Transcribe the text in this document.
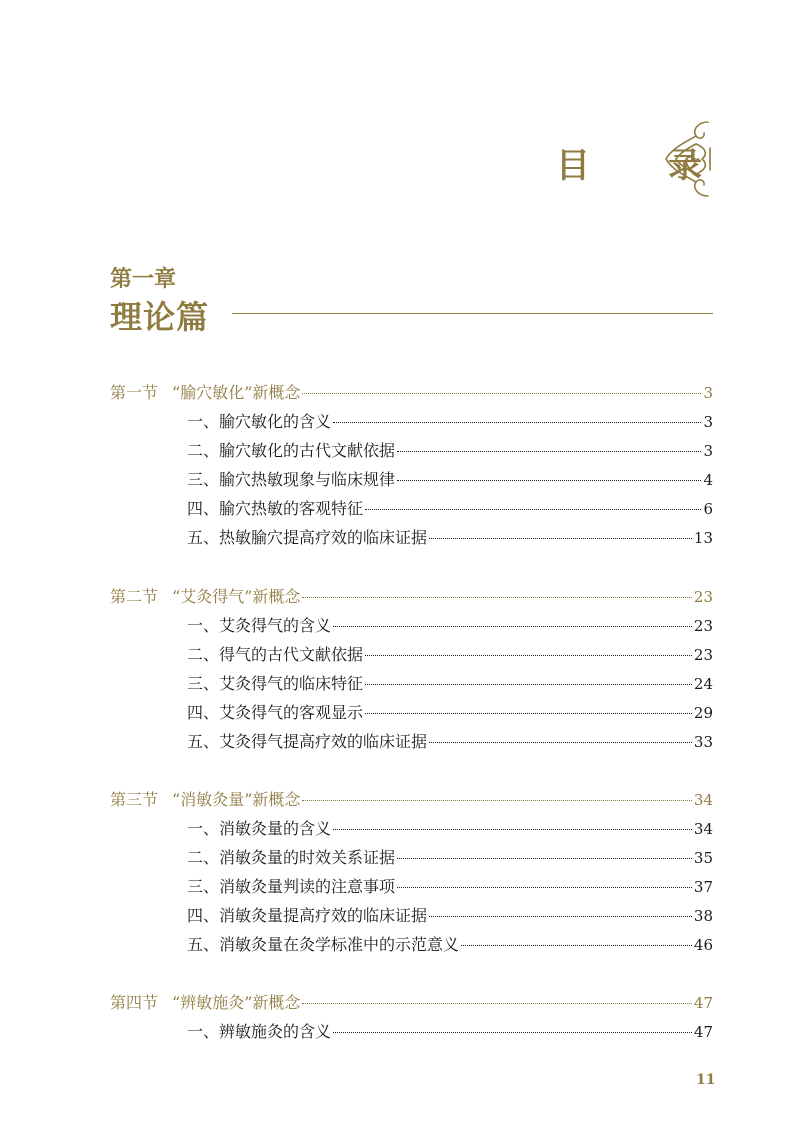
目　录
第一章
理论篇
第一节 “腧穴敏化”新概念	3
一、腧穴敏化的含义	3
二、腧穴敏化的古代文献依据	3
三、腧穴热敏现象与临床规律	4
四、腧穴热敏的客观特征	6
五、热敏腧穴提高疗效的临床证据	13
第二节 “艾灸得气”新概念	23
一、艾灸得气的含义	23
二、得气的古代文献依据	23
三、艾灸得气的临床特征	24
四、艾灸得气的客观显示	29
五、艾灸得气提高疗效的临床证据	33
第三节 “消敏灸量”新概念	34
一、消敏灸量的含义	34
二、消敏灸量的时效关系证据	35
三、消敏灸量判读的注意事项	37
四、消敏灸量提高疗效的临床证据	38
五、消敏灸量在灸学标准中的示范意义	46
第四节 “辨敏施灸”新概念	47
一、辨敏施灸的含义	47
11
